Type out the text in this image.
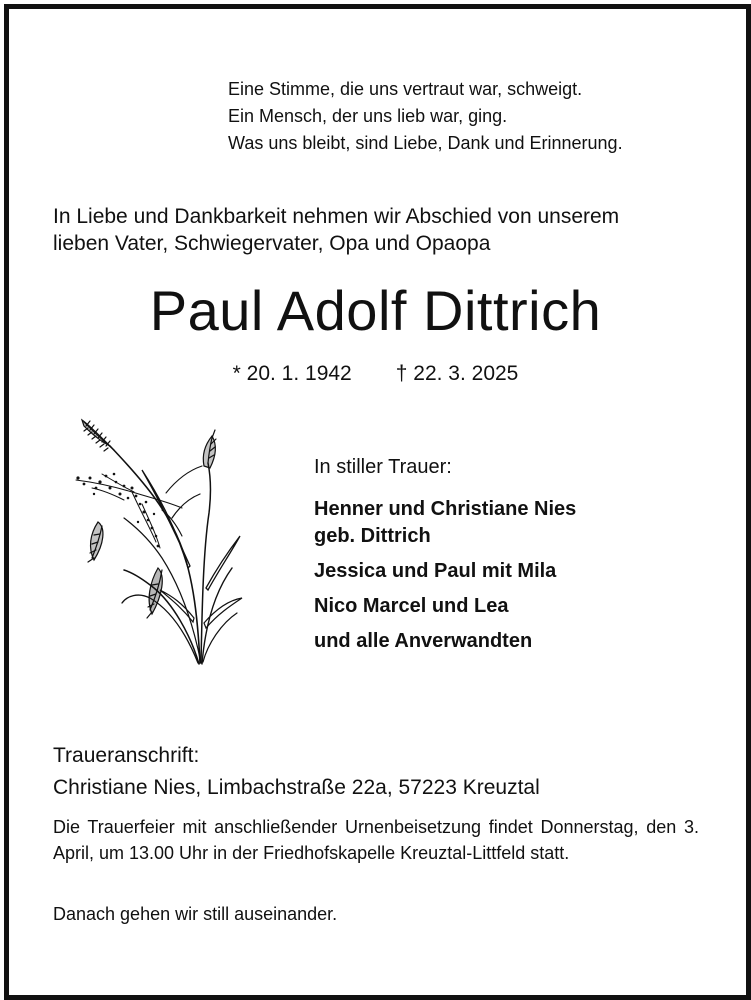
Eine Stimme, die uns vertraut war, schweigt.
Ein Mensch, der uns lieb war, ging.
Was uns bleibt, sind Liebe, Dank und Erinnerung.
In Liebe und Dankbarkeit nehmen wir Abschied von unserem
lieben Vater, Schwiegervater, Opa und Opaopa
Paul Adolf Dittrich
* 20. 1. 1942 † 22. 3. 2025
In stiller Trauer:
Henner und Christiane Nies
geb. Dittrich
Jessica und Paul mit Mila
Nico Marcel und Lea
und alle Anverwandten
Traueranschrift:
Christiane Nies, Limbachstraße 22a, 57223 Kreuztal
Die Trauerfeier mit anschließender Urnenbeisetzung findet Donnerstag, den 3. April, um 13.00 Uhr in der Friedhofskapelle Kreuztal-Littfeld statt.
Danach gehen wir still auseinander.
